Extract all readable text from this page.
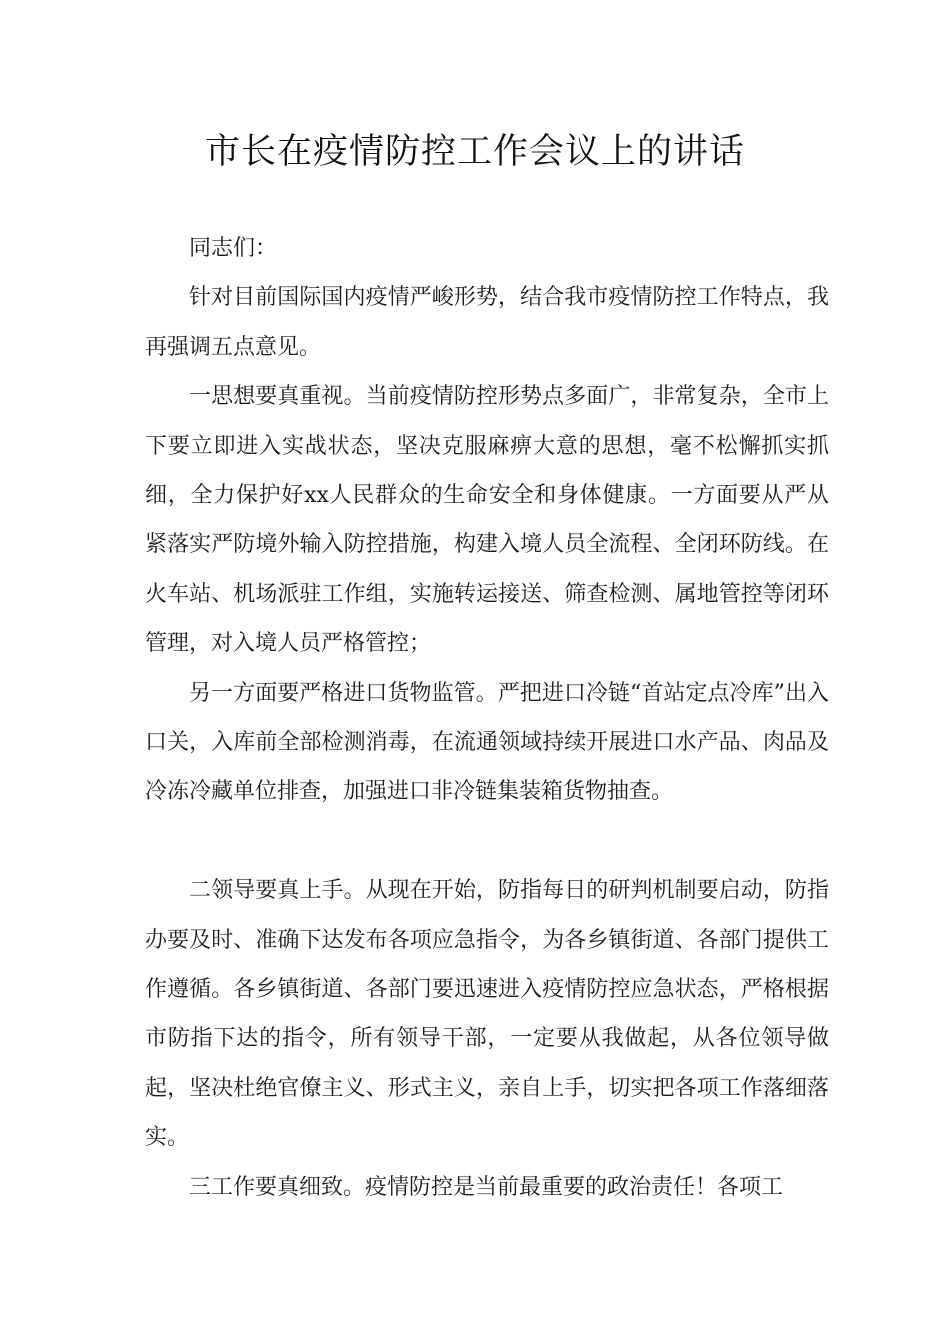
市长在疫情防控工作会议上的讲话

同志们：

针对目前国际国内疫情严峻形势，结合我市疫情防控工作特点，我再强调五点意见。

一思想要真重视。当前疫情防控形势点多面广，非常复杂，全市上下要立即进入实战状态，坚决克服麻痹大意的思想，毫不松懈抓实抓细，全力保护好xx人民群众的生命安全和身体健康。一方面要从严从紧落实严防境外输入防控措施，构建入境人员全流程、全闭环防线。在火车站、机场派驻工作组，实施转运接送、筛查检测、属地管控等闭环管理，对入境人员严格管控；

另一方面要严格进口货物监管。严把进口冷链“首站定点冷库”出入口关，入库前全部检测消毒，在流通领域持续开展进口水产品、肉品及冷冻冷藏单位排查，加强进口非冷链集装箱货物抽查。

二领导要真上手。从现在开始，防指每日的研判机制要启动，防指办要及时、准确下达发布各项应急指令，为各乡镇街道、各部门提供工作遵循。各乡镇街道、各部门要迅速进入疫情防控应急状态，严格根据市防指下达的指令，所有领导干部，一定要从我做起，从各位领导做起，坚决杜绝官僚主义、形式主义，亲自上手，切实把各项工作落细落实。

三工作要真细致。疫情防控是当前最重要的政治责任！各项工
